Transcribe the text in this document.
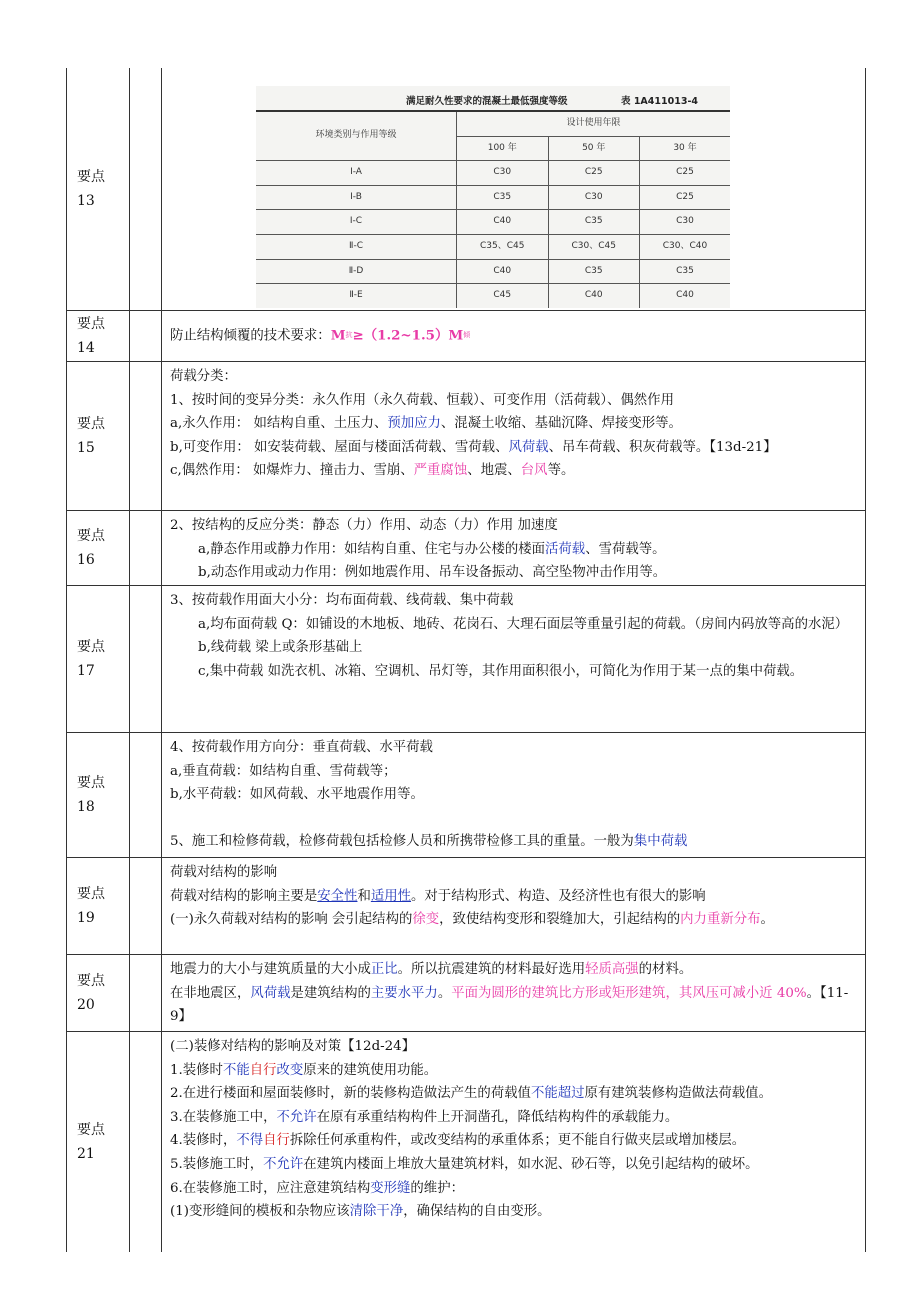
要点13
满足耐久性要求的混凝土最低强度等级	表 1A411013-4
环境类别与作用等级	设计使用年限		
	100 年	50 年	30 年
Ⅰ-A	C30	C25	C25
Ⅰ-B	C35	C30	C25
Ⅰ-C	C40	C35	C30
Ⅱ-C	C35、C45	C30、C45	C30、C40
Ⅱ-D	C40	C35	C35
Ⅱ-E	C45	C40	C40
要点14

防止结构倾覆的技术要求：M抗≥（1.2~1.5）M倾

要点15

荷载分类：

1、按时间的变异分类：永久作用（永久荷载、恒载）、可变作用（活荷载）、偶然作用

a,永久作用： 如结构自重、土压力、预加应力、混凝土收缩、基础沉降、焊接变形等。

b,可变作用： 如安装荷载、屋面与楼面活荷载、雪荷载、风荷载、吊车荷载、积灰荷载等。【13d-21】

c,偶然作用： 如爆炸力、撞击力、雪崩、严重腐蚀、地震、台风等。

要点16

2、按结构的反应分类：静态（力）作用、动态（力）作用 加速度

a,静态作用或静力作用：如结构自重、住宅与办公楼的楼面活荷载、雪荷载等。

b,动态作用或动力作用：例如地震作用、吊车设备振动、高空坠物冲击作用等。

要点17

3、按荷载作用面大小分：均布面荷载、线荷载、集中荷载

a,均布面荷载 Q：如铺设的木地板、地砖、花岗石、大理石面层等重量引起的荷载。（房间内码放等高的水泥）

b,线荷载 梁上或条形基础上

c,集中荷载 如洗衣机、冰箱、空调机、吊灯等，其作用面积很小，可简化为作用于某一点的集中荷载。

要点18

4、按荷载作用方向分：垂直荷载、水平荷载

a,垂直荷载：如结构自重、雪荷载等；

b,水平荷载：如风荷载、水平地震作用等。

5、施工和检修荷载，检修荷载包括检修人员和所携带检修工具的重量。一般为集中荷载

要点19

荷载对结构的影响

荷载对结构的影响主要是安全性和适用性。对于结构形式、构造、及经济性也有很大的影响

(一)永久荷载对结构的影响 会引起结构的徐变，致使结构变形和裂缝加大，引起结构的内力重新分布。

要点20

地震力的大小与建筑质量的大小成正比。所以抗震建筑的材料最好选用轻质高强的材料。

在非地震区，风荷载是建筑结构的主要水平力。平面为圆形的建筑比方形或矩形建筑，其风压可减小近 40%。【11-9】

要点21

(二)装修对结构的影响及对策【12d-24】

1.装修时不能自行改变原来的建筑使用功能。

2.在进行楼面和屋面装修时，新的装修构造做法产生的荷载值不能超过原有建筑装修构造做法荷载值。

3.在装修施工中，不允许在原有承重结构构件上开洞凿孔，降低结构构件的承载能力。

4.装修时，不得自行拆除任何承重构件，或改变结构的承重体系；更不能自行做夹层或增加楼层。

5.装修施工时，不允许在建筑内楼面上堆放大量建筑材料，如水泥、砂石等，以免引起结构的破坏。

6.在装修施工时，应注意建筑结构变形缝的维护：

(1)变形缝间的模板和杂物应该清除干净，确保结构的自由变形。
